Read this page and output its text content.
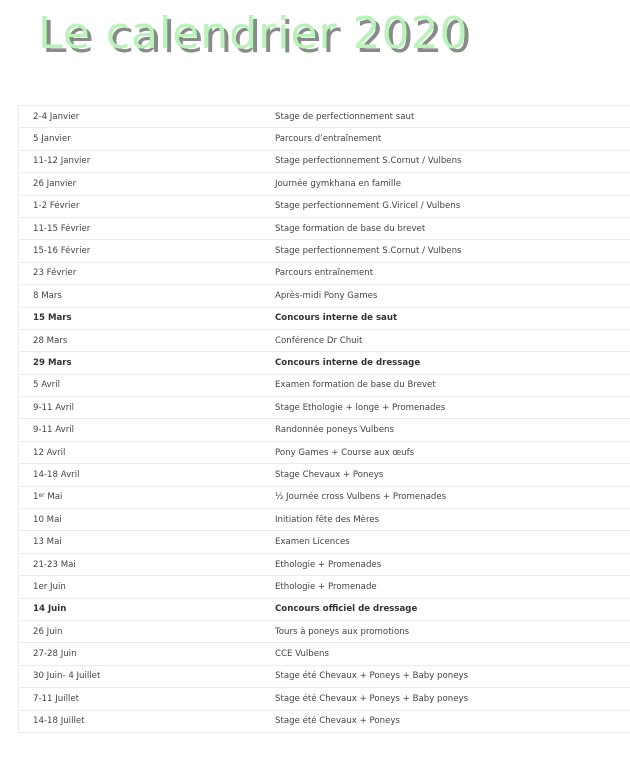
Le calendrier 2020
2-4 Janvier	Stage de perfectionnement saut
5 Janvier	Parcours d’entraînement
11-12 Janvier	Stage perfectionnement S.Cornut / Vulbens
26 Janvier	Journée gymkhana en famille
1-2 Février	Stage perfectionnement G.Viricel / Vulbens
11-15 Février	Stage formation de base du brevet
15-16 Février	Stage perfectionnement S.Cornut / Vulbens
23 Février	Parcours entraînement
8 Mars	Après-midi Pony Games
15 Mars	Concours interne de saut
28 Mars	Conférence Dr Chuit
29 Mars	Concours interne de dressage
5 Avril	Examen formation de base du Brevet
9-11 Avril	Stage Ethologie + longe + Promenades
9-11 Avril	Randonnée poneys Vulbens
12 Avril	Pony Games + Course aux œufs
14-18 Avril	Stage Chevaux + Poneys
1er Mai	½ Journée cross Vulbens + Promenades
10 Mai	Initiation fête des Mères
13 Mai	Examen Licences
21-23 Mai	Ethologie + Promenades
1er Juin	Ethologie + Promenade
14 Juin	Concours officiel de dressage
26 Juin	Tours à poneys aux promotions
27-28 Juin	CCE Vulbens
30 Juin- 4 Juillet	Stage été Chevaux + Poneys + Baby poneys
7-11 Juillet	Stage été Chevaux + Poneys + Baby poneys
14-18 Juillet	Stage été Chevaux + Poneys
